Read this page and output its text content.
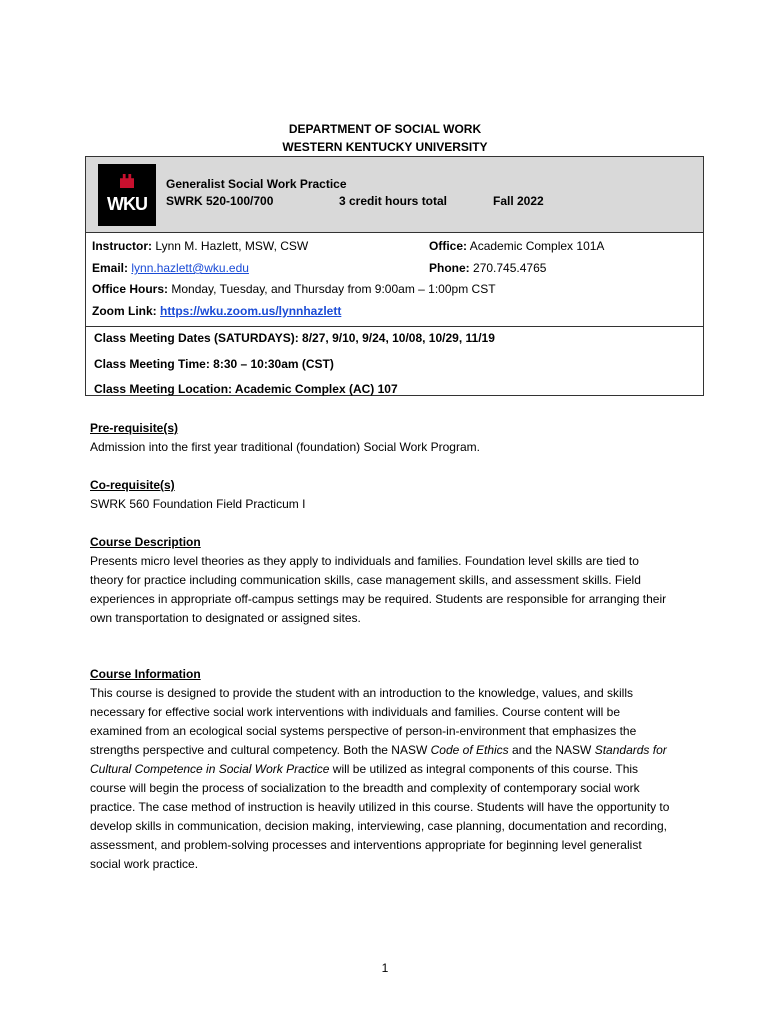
DEPARTMENT OF SOCIAL WORK
WESTERN KENTUCKY UNIVERSITY
WKU
Generalist Social Work Practice
SWRK 520-100/700	3 credit hours total	Fall 2022
Instructor: Lynn M. Hazlett, MSW, CSW	Office: Academic Complex 101A
Email: lynn.hazlett@wku.edu	Phone: 270.745.4765
Office Hours: Monday, Tuesday, and Thursday from 9:00am – 1:00pm CST
Zoom Link: https://wku.zoom.us/lynnhazlett
Class Meeting Dates (SATURDAYS): 8/27, 9/10, 9/24, 10/08, 10/29, 11/19
Class Meeting Time: 8:30 – 10:30am (CST)
Class Meeting Location: Academic Complex (AC) 107
Pre-requisite(s)

Admission into the first year traditional (foundation) Social Work Program.

Co-requisite(s)

SWRK 560 Foundation Field Practicum I

Course Description

Presents micro level theories as they apply to individuals and families. Foundation level skills are tied to theory for practice including communication skills, case management skills, and assessment skills. Field experiences in appropriate off-campus settings may be required. Students are responsible for arranging their own transportation to designated or assigned sites.

Course Information

This course is designed to provide the student with an introduction to the knowledge, values, and skills necessary for effective social work interventions with individuals and families. Course content will be examined from an ecological social systems perspective of person-in-environment that emphasizes the strengths perspective and cultural competency. Both the NASW Code of Ethics and the NASW Standards for Cultural Competence in Social Work Practice will be utilized as integral components of this course. This course will begin the process of socialization to the breadth and complexity of contemporary social work practice. The case method of instruction is heavily utilized in this course. Students will have the opportunity to develop skills in communication, decision making, interviewing, case planning, documentation and recording, assessment, and problem-solving processes and interventions appropriate for beginning level generalist social work practice.

1
